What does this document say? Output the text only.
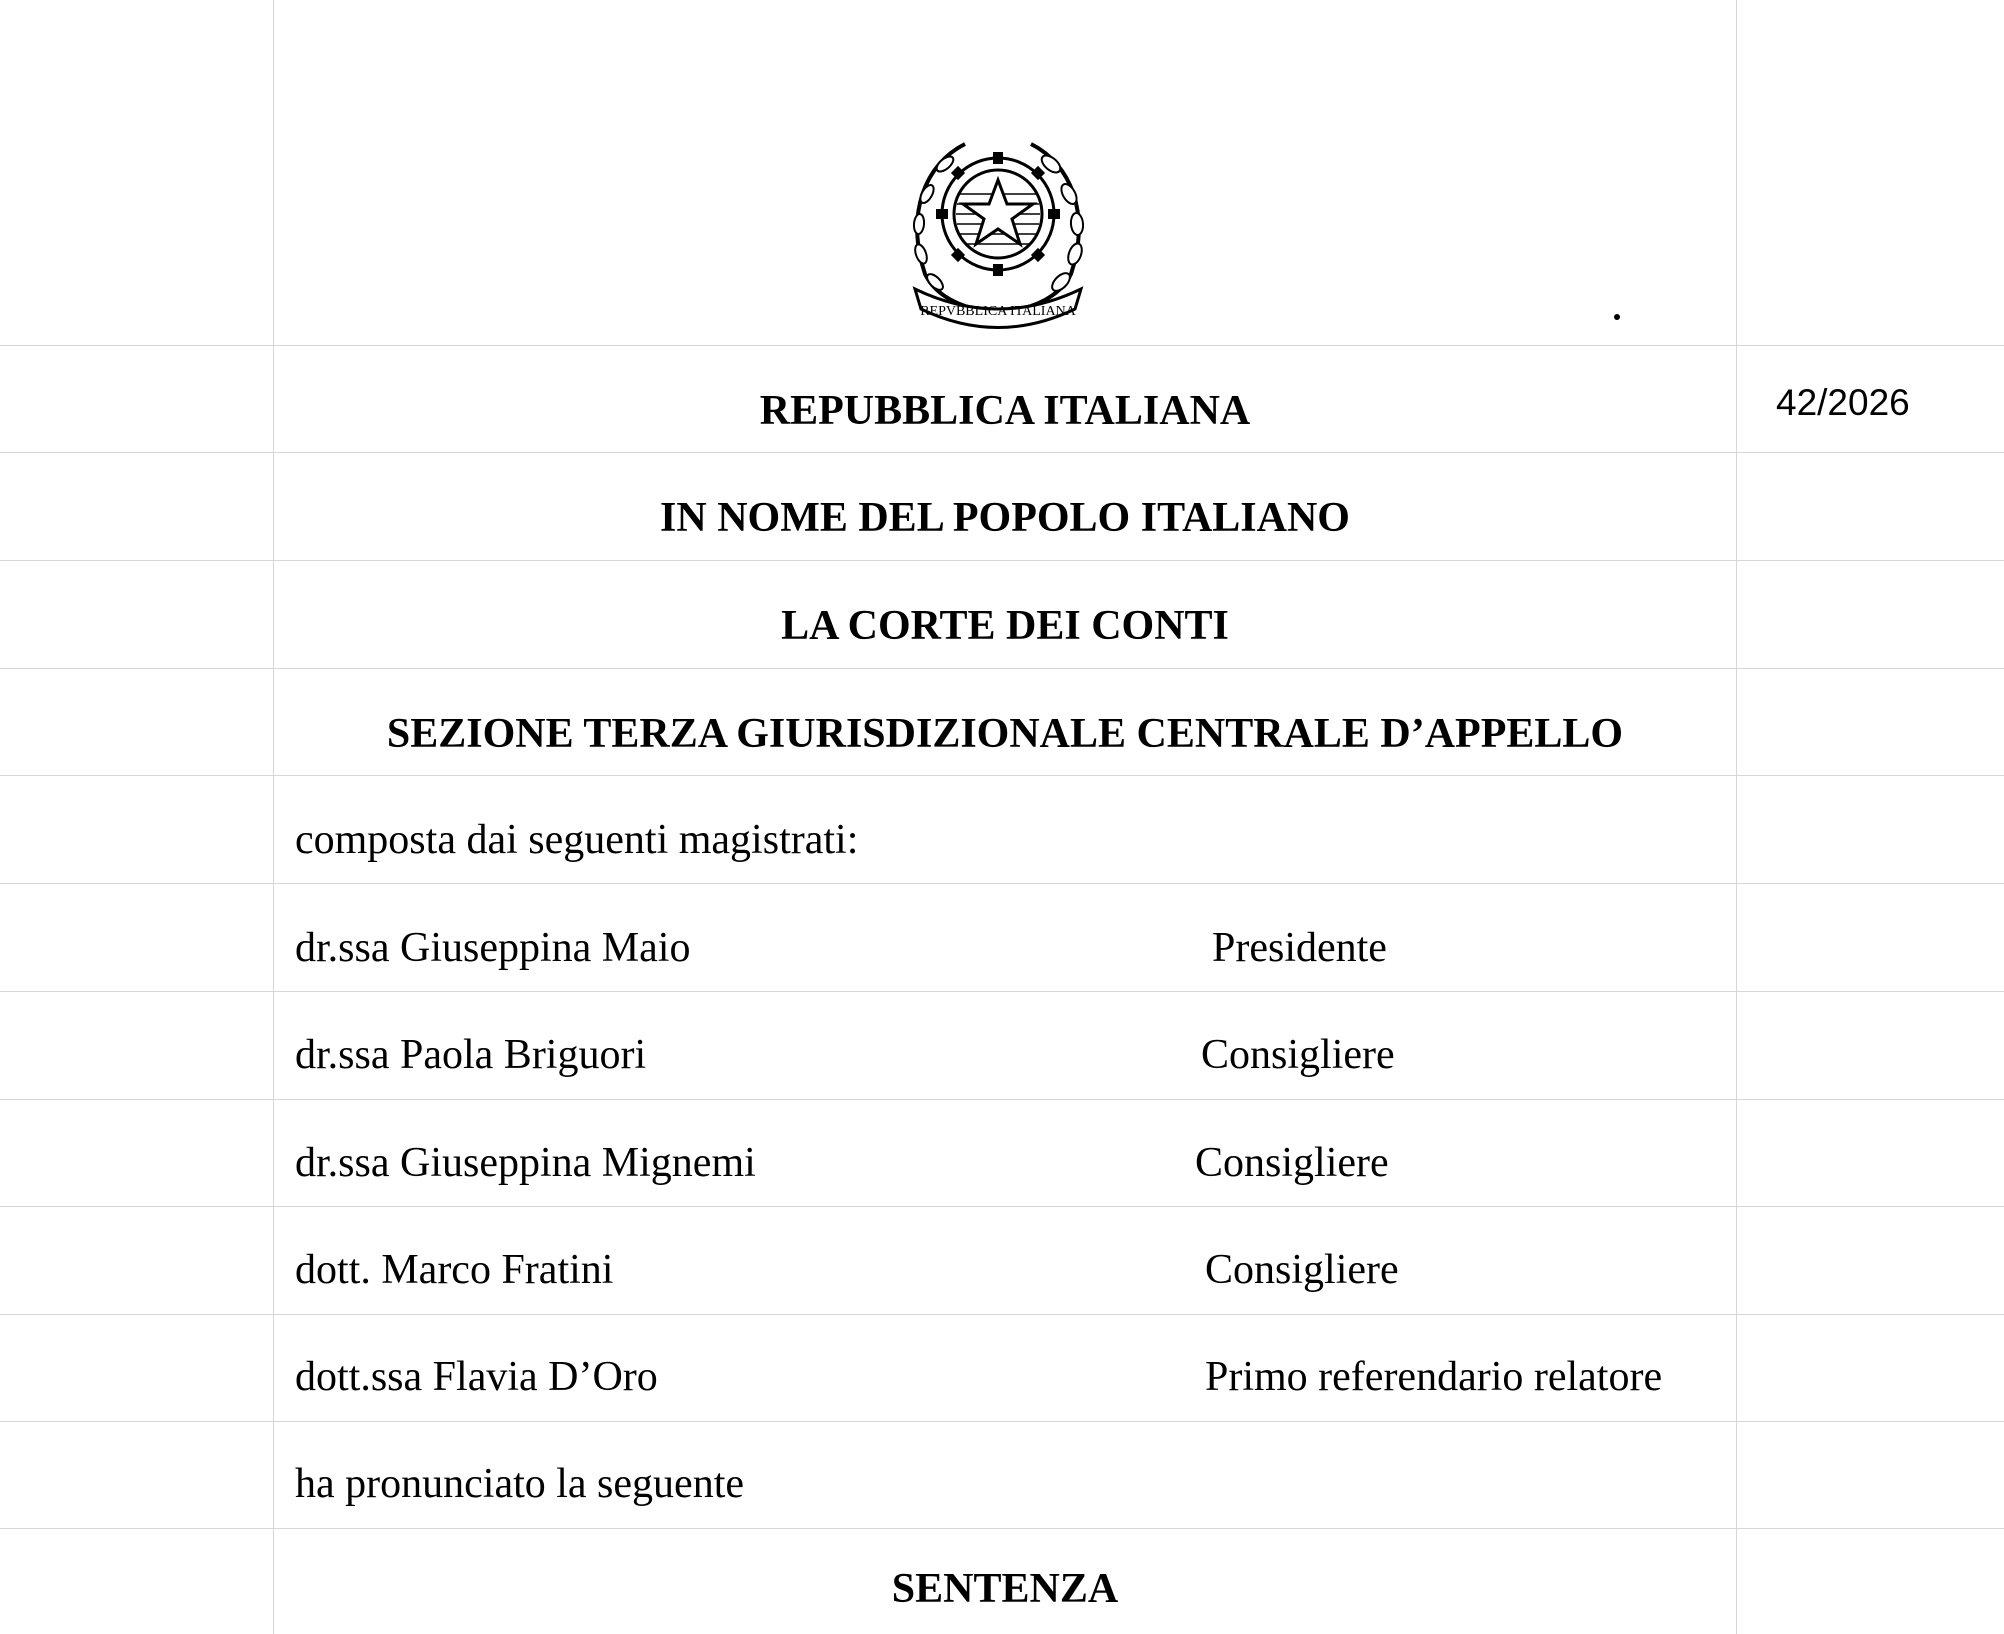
REPVBBLICA ITALIANA
42/2026
REPUBBLICA ITALIANA
IN NOME DEL POPOLO ITALIANO
LA CORTE DEI CONTI
SEZIONE TERZA GIURISDIZIONALE CENTRALE D’APPELLO
composta dai seguenti magistrati:
dr.ssa Giuseppina Maio	Presidente
dr.ssa Paola Briguori	Consigliere
dr.ssa Giuseppina Mignemi	Consigliere
dott. Marco Fratini	Consigliere
dott.ssa Flavia D’Oro	Primo referendario relatore
ha pronunciato la seguente
SENTENZA
